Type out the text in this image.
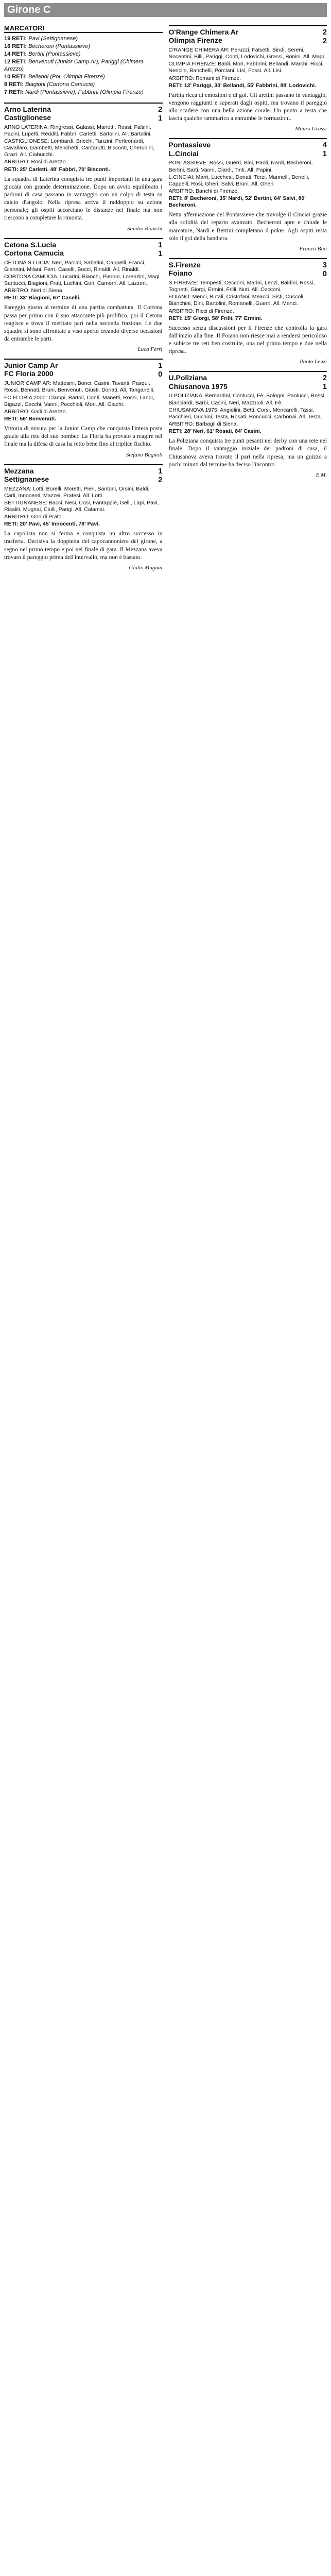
Girone C
MARCATORI
19 RETI: Pavi (Settignanese)
16 RETI: Becheroni (Pontassieve)
14 RETI: Bertini (Pontassieve)
12 RETI: Benvenuti (Junior Camp Ar); Pariggi (Chimera Arezzo)
10 RETI: Bellandi (Pol. Olimpia Firenze)
8 RETI: Biagioni (Cortona Camucia)
7 RETI: Nardi (Pontassieve); Fabbrini (Olimpia Firenze)
Arno Laterina
Castiglionese
2
1

ARNO LATERINA: Ringressi, Galassi, Mariotti, Rossi, Falsini, Pacini, Lupetti, Redditi, Fabbri, Carletti, Bartolini. All. Bartolini.

CASTIGLIONESE: Lombardi, Bricchi, Tanzini, Perleonardi, Cavallaro, Gambetti, Menchetti, Cantarutti, Bisconti, Cherubini, Grazi. All. Ciabucchi.

ARBITRO: Rosi di Arezzo.

RETI: 25' Carletti, 48' Fabbri, 70' Bisconti.

La squadra di Laterina conquista tre punti importanti in una gara giocata con grande determinazione. Dopo un avvio equilibrato i padroni di casa passano in vantaggio con un colpo di testa su calcio d'angolo. Nella ripresa arriva il raddoppio su azione personale; gli ospiti accorciano le distanze nel finale ma non riescono a completare la rimonta.

Sandro Bianchi

Cetona S.Lucia
Cortona Camucia
1
1

CETONA S.LUCIA: Neri, Paolini, Sabatini, Cappelli, Franci, Giannini, Milani, Ferri, Caselli, Bocci, Rinaldi. All. Rinaldi.

CORTONA CAMUCIA: Lucarini, Bianchi, Pieroni, Lorenzini, Magi, Santucci, Biagioni, Frati, Luchini, Gori, Camorri. All. Lazzeri.

ARBITRO: Neri di Siena.

RETI: 33' Biagioni, 67' Caselli.

Pareggio giusto al termine di una partita combattuta. Il Cortona passa per primo con il suo attaccante più prolifico, poi il Cetona reagisce e trova il meritato pari nella seconda frazione. Le due squadre si sono affrontate a viso aperto creando diverse occasioni da entrambe le parti.

Luca Ferri

Junior Camp Ar
FC Floria 2000
1
0

JUNIOR CAMP AR: Mattesini, Bonci, Casini, Tavanti, Pasqui, Rossi, Bennati, Bruni, Benvenuti, Giusti, Donati. All. Tanganelli.

FC FLORIA 2000: Ciampi, Bartoli, Conti, Manetti, Rossi, Landi, Bigazzi, Cecchi, Vanni, Pecchioli, Mori. All. Giachi.

ARBITRO: Galli di Arezzo.

RETI: 56' Benvenuti.

Vittoria di misura per la Junior Camp che conquista l'intera posta grazie alla rete del suo bomber. La Floria ha provato a reagire nel finale ma la difesa di casa ha retto bene fino al triplice fischio.

Stefano Bagnoli

Mezzana
Settignanese
1
2

MEZZANA: Lotti, Borelli, Moretti, Pieri, Santoni, Orsini, Baldi, Carli, Innocenti, Mazzei, Pratesi. All. Lotti.

SETTIGNANESE: Bacci, Nesi, Cosi, Fantappiè, Gelli, Lapi, Pavi, Risaliti, Mugnai, Ciulli, Parigi. All. Calamai.

ARBITRO: Gori di Prato.

RETI: 20' Pavi, 45' Innocenti, 78' Pavi.

La capolista non si ferma e conquista un altro successo in trasferta. Decisiva la doppietta del capocannoniere del girone, a segno nel primo tempo e poi nel finale di gara. Il Mezzana aveva trovato il pareggio prima dell'intervallo, ma non è bastato.

Giulio Mugnai

O'Range Chimera Ar
Olimpia Firenze
2
2

O'RANGE CHIMERA AR: Peruzzi, Falsetti, Bindi, Sereni, Nocentini, Billi, Pariggi, Conti, Lodovichi, Grassi, Bonini. All. Magi.

OLIMPIA FIRENZE: Baldi, Mori, Fabbrini, Bellandi, Marchi, Ricci, Nencini, Banchelli, Porciani, Lisi, Fossi. All. Lisi.

ARBITRO: Romani di Firenze.

RETI: 12' Pariggi, 30' Bellandi, 55' Fabbrini, 88' Lodovichi.

Partita ricca di emozioni e di gol. Gli aretini passano in vantaggio, vengono raggiunti e superati dagli ospiti, ma trovano il pareggio allo scadere con una bella azione corale. Un punto a testa che lascia qualche rammarico a entrambe le formazioni.

Mauro Grassi

Pontassieve
L.Cinciai
4
1

PONTASSIEVE: Rossi, Guerri, Bini, Paoli, Nardi, Becheroni, Bertini, Sarti, Vanni, Ciardi, Tinti. All. Papini.

L.CINCIAI: Marri, Lucchesi, Donati, Terzi, Mannelli, Benelli, Cappelli, Rosi, Gheri, Salvi, Bruni. All. Gheri.

ARBITRO: Banchi di Firenze.

RETI: 8' Becheroni, 35' Nardi, 52' Bertini, 64' Salvi, 80' Becheroni.

Netta affermazione del Pontassieve che travolge il Cinciai grazie alla solidità del reparto avanzato. Becheroni apre e chiude le marcature, Nardi e Bertini completano il poker. Agli ospiti resta solo il gol della bandiera.

Franco Bini

S.Firenze
Foiano
3
0

S.FIRENZE: Tempesti, Cecconi, Marini, Lenzi, Baldini, Rossi, Tognetti, Giorgi, Ermini, Frilli, Nuti. All. Cecconi.

FOIANO: Menci, Butali, Cristofani, Meacci, Sisti, Cuccoli, Bianchini, Dini, Bartolini, Romanelli, Guerri. All. Menci.

ARBITRO: Ricci di Firenze.

RETI: 15' Giorgi, 58' Frilli, 77' Ermini.

Successo senza discussioni per il Firenze che controlla la gara dall'inizio alla fine. Il Foiano non riesce mai a rendersi pericoloso e subisce tre reti ben costruite, una nel primo tempo e due nella ripresa.

Paolo Lenzi

U.Poliziana
Chiusanova 1975
2
1

U.POLIZIANA: Bernardini, Contucci, Fè, Bologni, Paolucci, Rossi, Bianciardi, Barbi, Casini, Neri, Mazzuoli. All. Fè.

CHIUSANOVA 1975: Angiolini, Betti, Corsi, Mencarelli, Tassi, Pacchieri, Duchini, Testa, Rosati, Roncucci, Carbonai. All. Testa.

ARBITRO: Barbagli di Siena.

RETI: 28' Neri, 61' Rosati, 84' Casini.

La Poliziana conquista tre punti pesanti nel derby con una rete nel finale. Dopo il vantaggio iniziale dei padroni di casa, il Chiusanova aveva trovato il pari nella ripresa, ma un guizzo a pochi minuti dal termine ha deciso l'incontro.

E.M.
